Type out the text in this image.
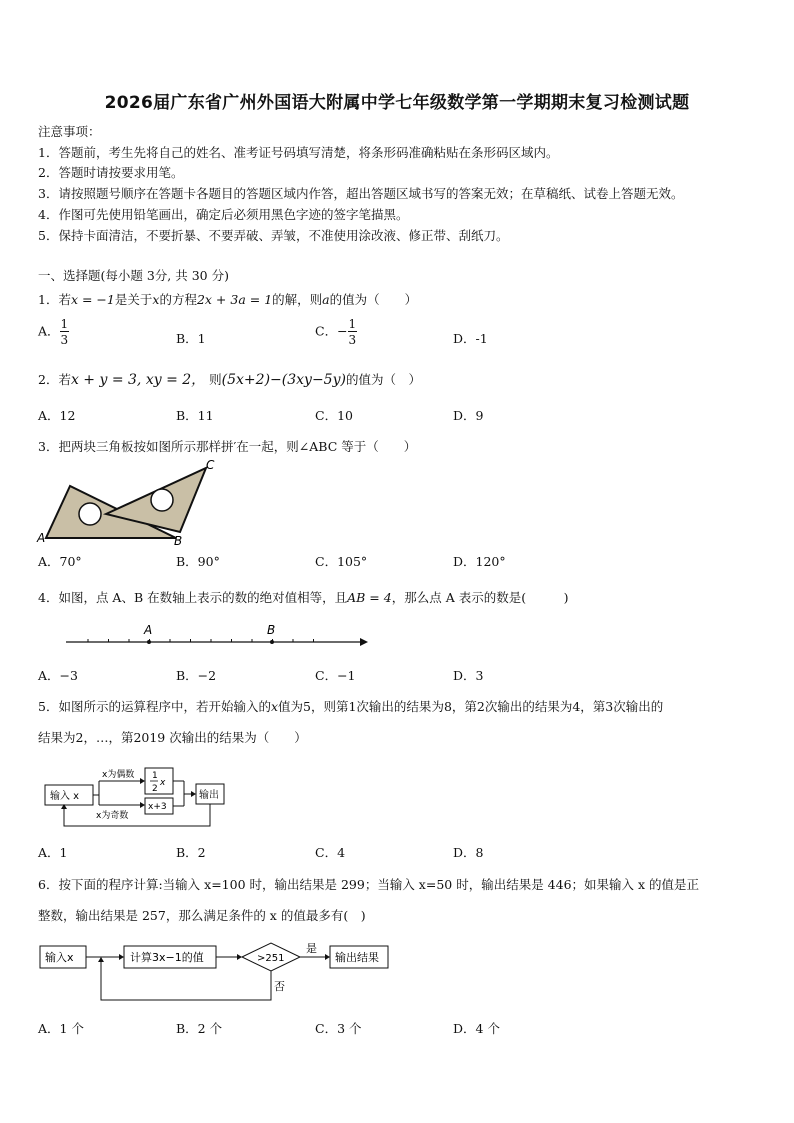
2026届广东省广州外国语大附属中学七年级数学第一学期期末复习检测试题
注意事项：
1．答题前，考生先将自己的姓名、准考证号码填写清楚，将条形码准确粘贴在条形码区域内。
2．答题时请按要求用笔。
3．请按照题号顺序在答题卡各题目的答题区域内作答，超出答题区域书写的答案无效；在草稿纸、试卷上答题无效。
4．作图可先使用铅笔画出，确定后必须用黑色字迹的签字笔描黑。
5．保持卡面清洁，不要折暴、不要弄破、弄皱，不准使用涂改液、修正带、刮纸刀。
一、选择题(每小题 3分, 共 30 分)
1．若x = −1是关于x的方程2x + 3a = 1的解，则a的值为（　　）
A． $\frac{1}{3}$	B．1	C．− $\frac{1}{3}$	D．-1
2．若x + y = 3, xy = 2， 则(5x+2)−(3xy−5y)的值为（　）
A．12	B．11	C．10	D．9
3．把两块三角板按如图所示那样拼′在一起，则∠ABC 等于（　　）
A	B
C
A．70°	B．90°	C．105°	D．120°
4．如图，点 A、B 在数轴上表示的数的绝对值相等，且AB = 4，那么点 A 表示的数是(　　　)
A	B
A．−3	B．−2	C．−1	D．3
5．如图所示的运算程序中，若开始输入的x值为5，则第1次输出的结果为8，第2次输出的结果为4，第3次输出的
结果为2，…，第2019 次输出的结果为（　　）
输入 x
x为偶数
x为奇数
1
2
x
x+3
输出
A．1	B．2	C．4	D．8
6．按下面的程序计算:当输入 x=100 时，输出结果是 299；当输入 x=50 时，输出结果是 446；如果输入 x 的值是正
整数，输出结果是 257，那么满足条件的 x 的值最多有(　)
输入x	计算3x−1的值	>251
是
输出结果
否
A．1 个	B．2 个	C．3 个	D．4 个
